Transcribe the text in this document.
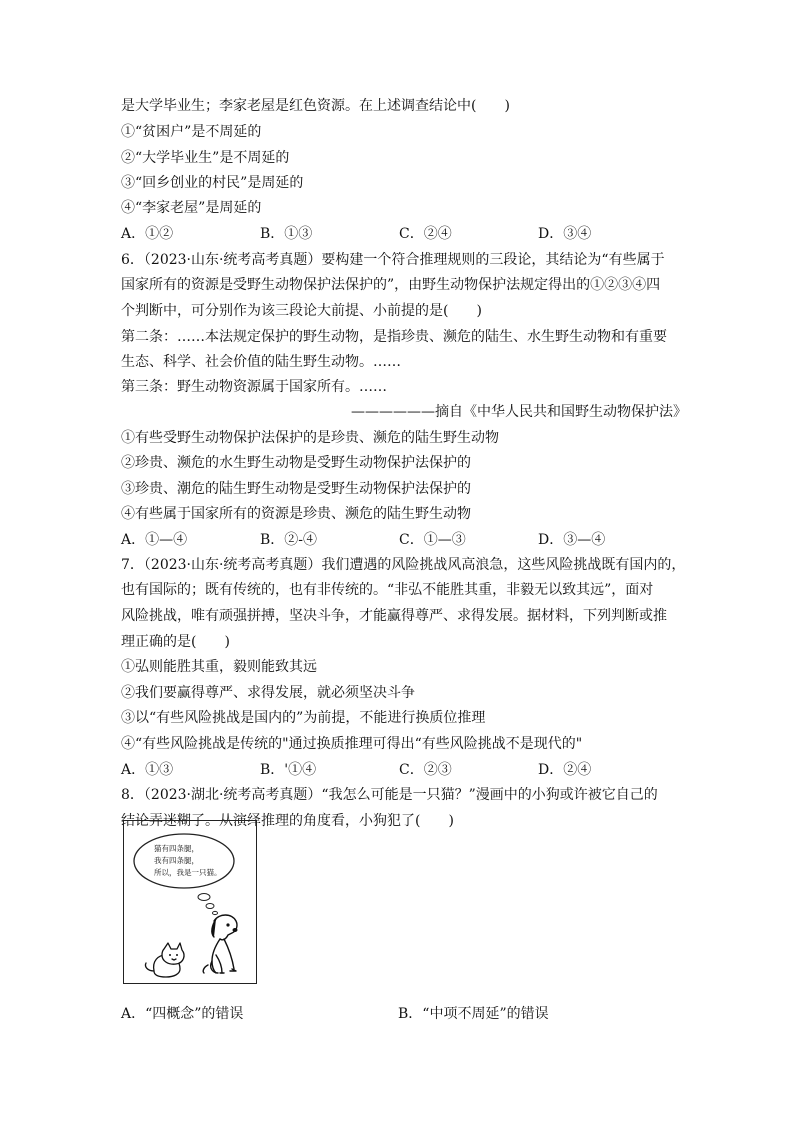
是大学毕业生；李家老屋是红色资源。在上述调查结论中(　　)
①“贫困户”是不周延的
②“大学毕业生”是不周延的
③“回乡创业的村民”是周延的
④“李家老屋”是周延的
A．①②	B．①③	C．②④	D．③④
6．（2023·山东·统考高考真题）要构建一个符合推理规则的三段论，其结论为“有些属于
国家所有的资源是受野生动物保护法保护的”，由野生动物保护法规定得出的①②③④四
个判断中，可分别作为该三段论大前提、小前提的是(　　)
第二条：……本法规定保护的野生动物，是指珍贵、濒危的陆生、水生野生动物和有重要
生态、科学、社会价值的陆生野生动物。……
第三条：野生动物资源属于国家所有。……
——————摘自《中华人民共和国野生动物保护法》
①有些受野生动物保护法保护的是珍贵、濒危的陆生野生动物
②珍贵、濒危的水生野生动物是受野生动物保护法保护的
③珍贵、潮危的陆生野生动物是受野生动物保护法保护的
④有些属于国家所有的资源是珍贵、濒危的陆生野生动物
A．①—④	B．②-④	C．①—③	D．③—④
7．（2023·山东·统考高考真题）我们遭遇的风险挑战风高浪急，这些风险挑战既有国内的，
也有国际的；既有传统的，也有非传统的。“非弘不能胜其重，非毅无以致其远”，面对
风险挑战，唯有顽强拼搏，坚决斗争，才能赢得尊严、求得发展。据材料，下列判断或推
理正确的是(　　)
①弘则能胜其重，毅则能致其远
②我们要赢得尊严、求得发展，就必须坚决斗争
③以“有些风险挑战是国内的”为前提，不能进行换质位推理
④“有些风险挑战是传统的"通过换质推理可得出“有些风险挑战不是现代的"
A．①③	B．'①④	C．②③	D．②④
8．（2023·湖北·统考高考真题）“我怎么可能是一只猫？”漫画中的小狗或许被它自己的
结论弄迷糊了。从演绎推理的角度看，小狗犯了(　　)
猫有四条腿，
我有四条腿，
所以，我是一只猫。
A．“四概念”的错误	B．“中项不周延”的错误
